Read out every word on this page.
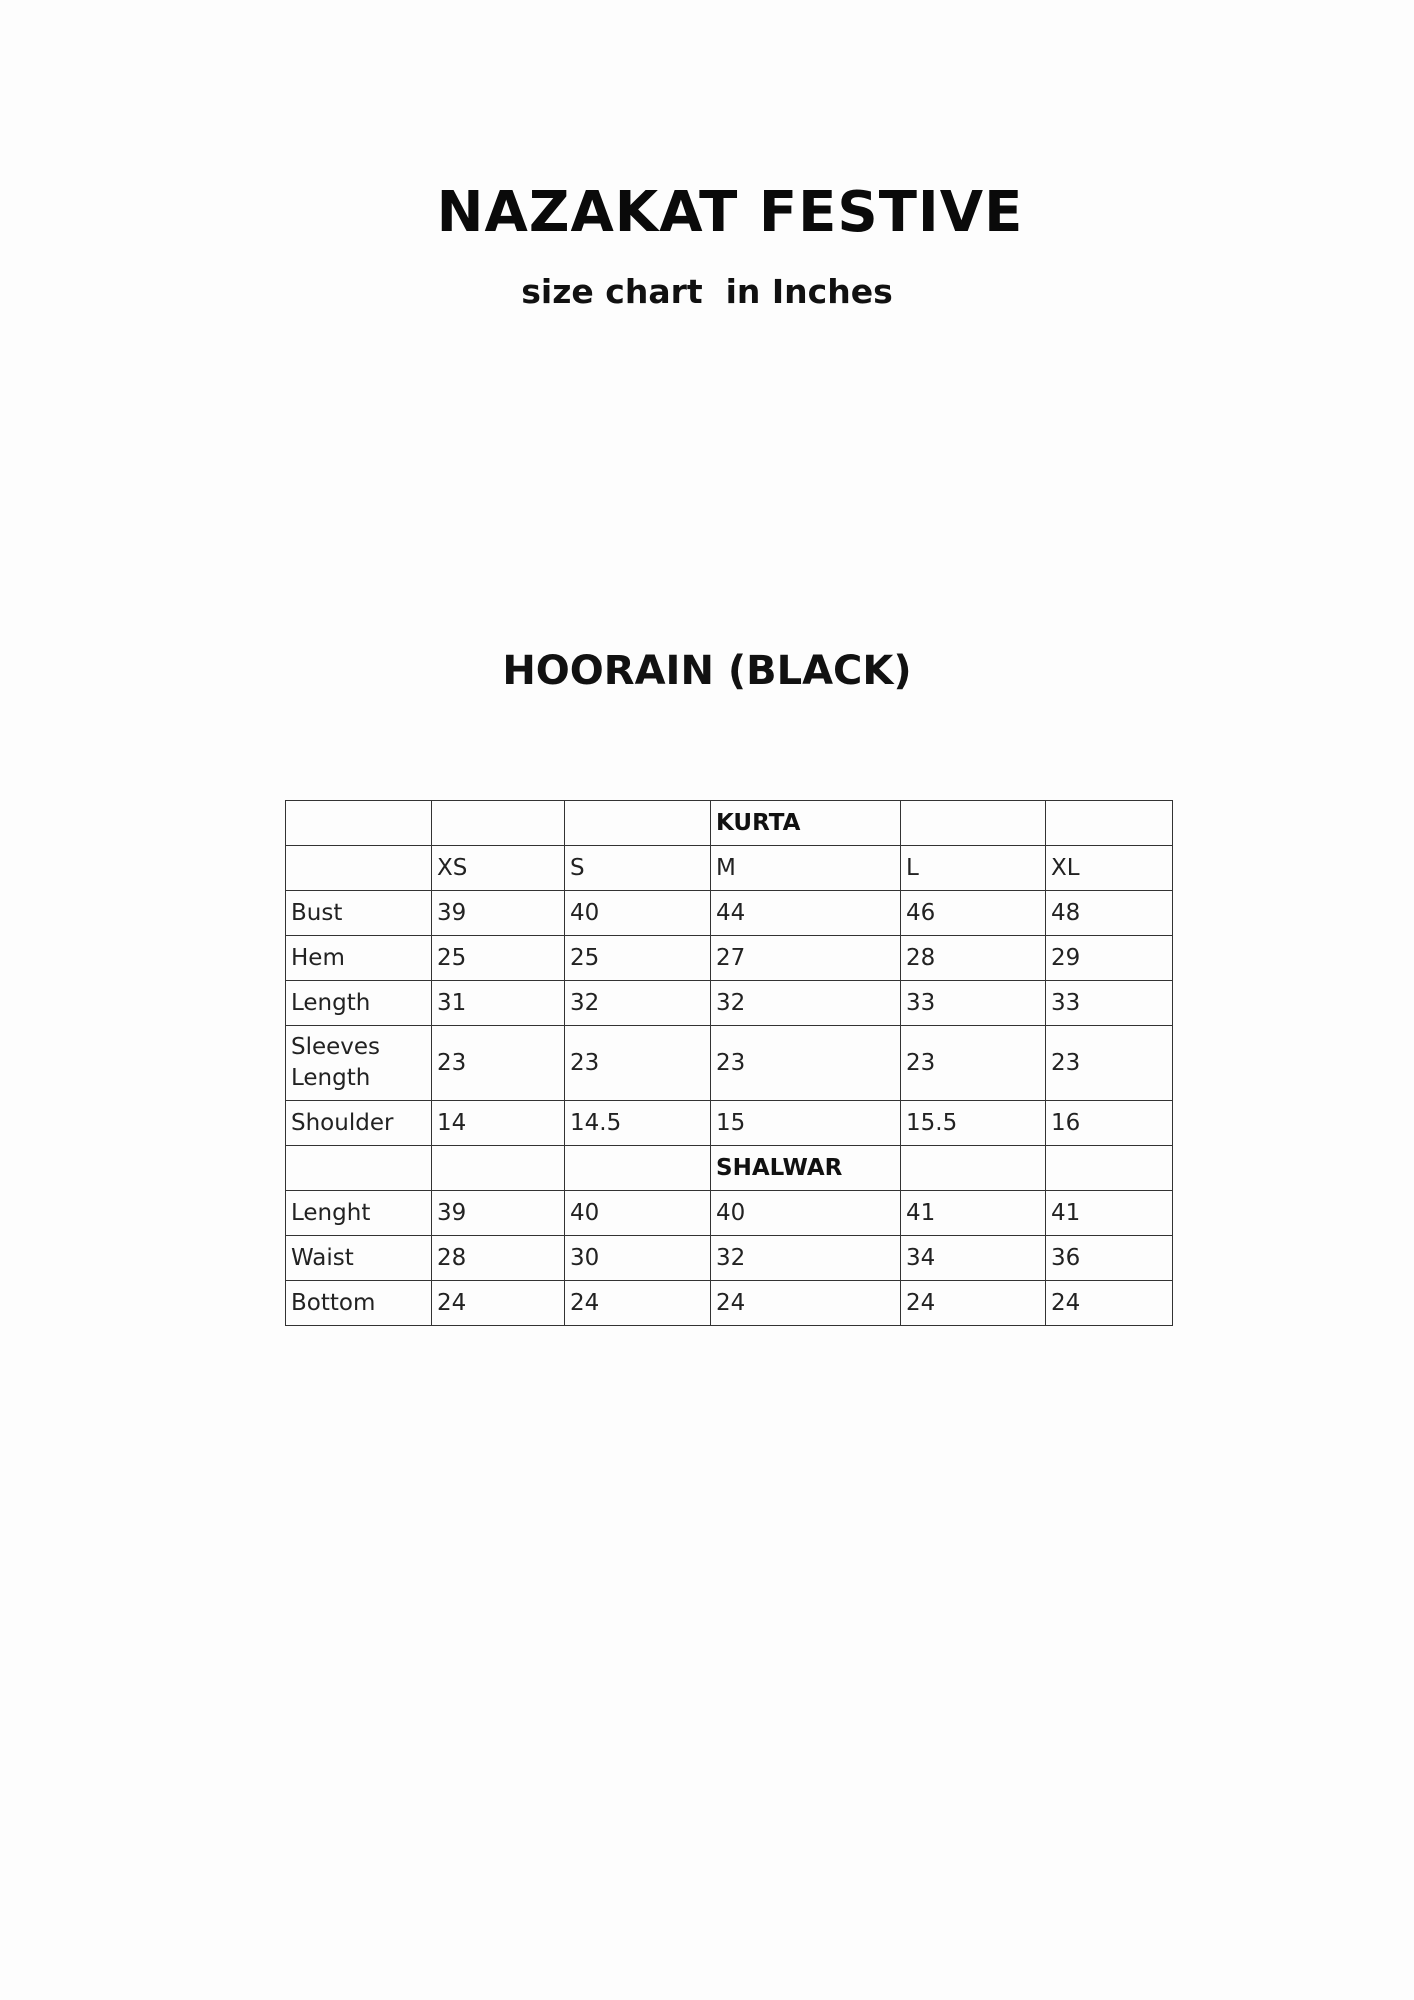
NAZAKAT FESTIVE
size chart  in Inches
HOORAIN (BLACK)
			KURTA		
	XS	S	M	L	XL
Bust	39	40	44	46	48
Hem	25	25	27	28	29
Length	31	32	32	33	33
Sleeves
Length	23	23	23	23	23
Shoulder	14	14.5	15	15.5	16
			SHALWAR		
Lenght	39	40	40	41	41
Waist	28	30	32	34	36
Bottom	24	24	24	24	24
